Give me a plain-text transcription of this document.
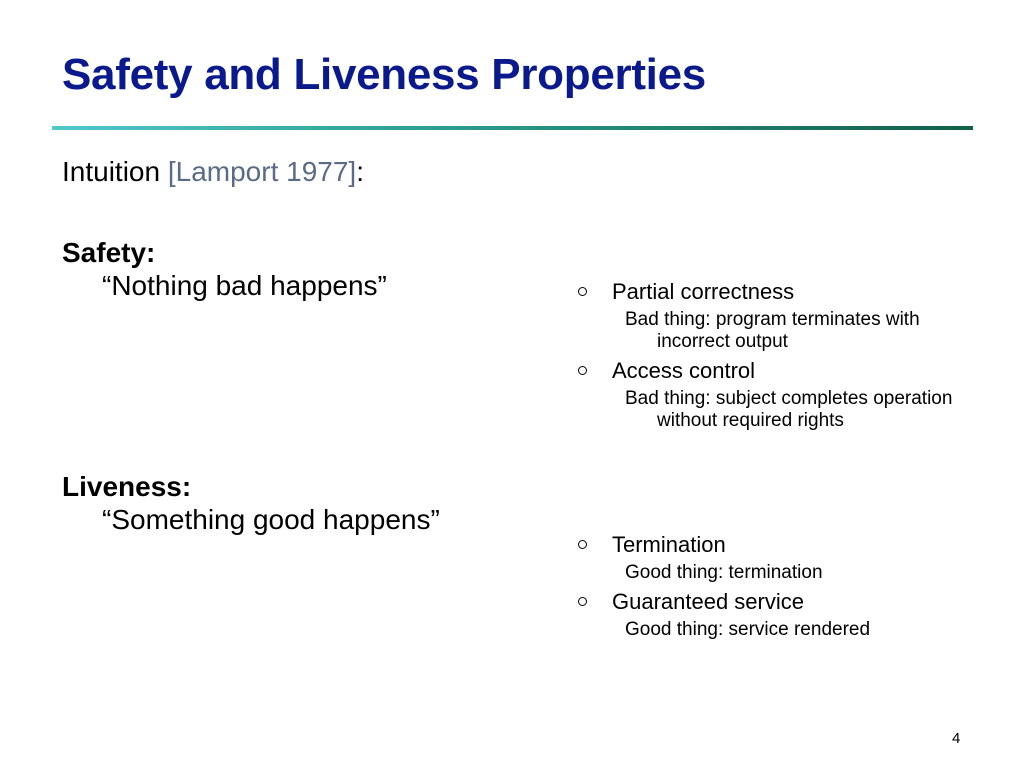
Safety and Liveness Properties
Intuition [Lamport 1977]:
Safety:
“Nothing bad happens”	Partial correctness
Bad thing: program terminates with incorrect output
Access control
Bad thing: subject completes operation without required rights
Liveness:
“Something good happens”
Termination
Good thing: termination
Guaranteed service
Good thing: service rendered
4
